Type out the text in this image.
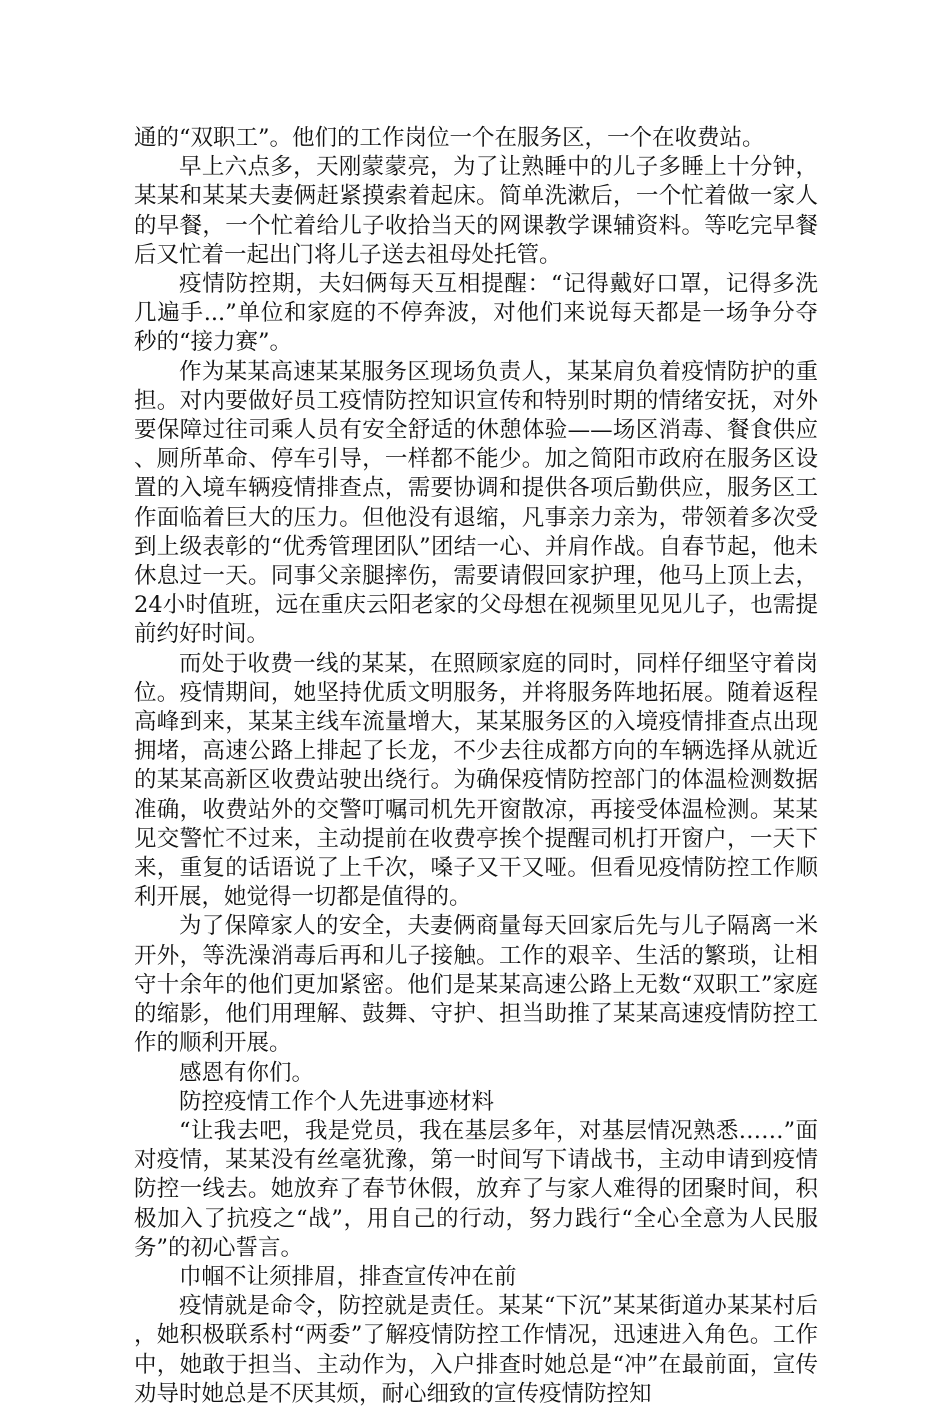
通的“双职工”。他们的工作岗位一个在服务区，一个在收费站。

早上六点多，天刚蒙蒙亮，为了让熟睡中的儿子多睡上十分钟，某某和某某夫妻俩赶紧摸索着起床。简单洗漱后，一个忙着做一家人的早餐，一个忙着给儿子收拾当天的网课教学课辅资料。等吃完早餐后又忙着一起出门将儿子送去祖母处托管。

疫情防控期，夫妇俩每天互相提醒：“记得戴好口罩，记得多洗几遍手...”单位和家庭的不停奔波，对他们来说每天都是一场争分夺秒的“接力赛”。

作为某某高速某某服务区现场负责人，某某肩负着疫情防护的重担。对内要做好员工疫情防控知识宣传和特别时期的情绪安抚，对外要保障过往司乘人员有安全舒适的休憩体验——场区消毒、餐食供应、厕所革命、停车引导，一样都不能少。加之简阳市政府在服务区设置的入境车辆疫情排查点，需要协调和提供各项后勤供应，服务区工作面临着巨大的压力。但他没有退缩，凡事亲力亲为，带领着多次受到上级表彰的“优秀管理团队”团结一心、并肩作战。自春节起，他未休息过一天。同事父亲腿摔伤，需要请假回家护理，他马上顶上去，24小时值班，远在重庆云阳老家的父母想在视频里见见儿子，也需提前约好时间。

而处于收费一线的某某，在照顾家庭的同时，同样仔细坚守着岗位。疫情期间，她坚持优质文明服务，并将服务阵地拓展。随着返程高峰到来，某某主线车流量增大，某某服务区的入境疫情排查点出现拥堵，高速公路上排起了长龙，不少去往成都方向的车辆选择从就近的某某高新区收费站驶出绕行。为确保疫情防控部门的体温检测数据准确，收费站外的交警叮嘱司机先开窗散凉，再接受体温检测。某某见交警忙不过来，主动提前在收费亭挨个提醒司机打开窗户，一天下来，重复的话语说了上千次，嗓子又干又哑。但看见疫情防控工作顺利开展，她觉得一切都是值得的。

为了保障家人的安全，夫妻俩商量每天回家后先与儿子隔离一米开外，等洗澡消毒后再和儿子接触。工作的艰辛、生活的繁琐，让相守十余年的他们更加紧密。他们是某某高速公路上无数“双职工”家庭的缩影，他们用理解、鼓舞、守护、担当助推了某某高速疫情防控工作的顺利开展。

感恩有你们。

防控疫情工作个人先进事迹材料

“让我去吧，我是党员，我在基层多年，对基层情况熟悉……”面对疫情，某某没有丝毫犹豫，第一时间写下请战书，主动申请到疫情防控一线去。她放弃了春节休假，放弃了与家人难得的团聚时间，积极加入了抗疫之“战”，用自己的行动，努力践行“全心全意为人民服务”的初心誓言。

巾帼不让须排眉，排查宣传冲在前

疫情就是命令，防控就是责任。某某“下沉”某某街道办某某村后，她积极联系村“两委”了解疫情防控工作情况，迅速进入角色。工作中，她敢于担当、主动作为，入户排查时她总是“冲”在最前面，宣传劝导时她总是不厌其烦，耐心细致的宣传疫情防控知
